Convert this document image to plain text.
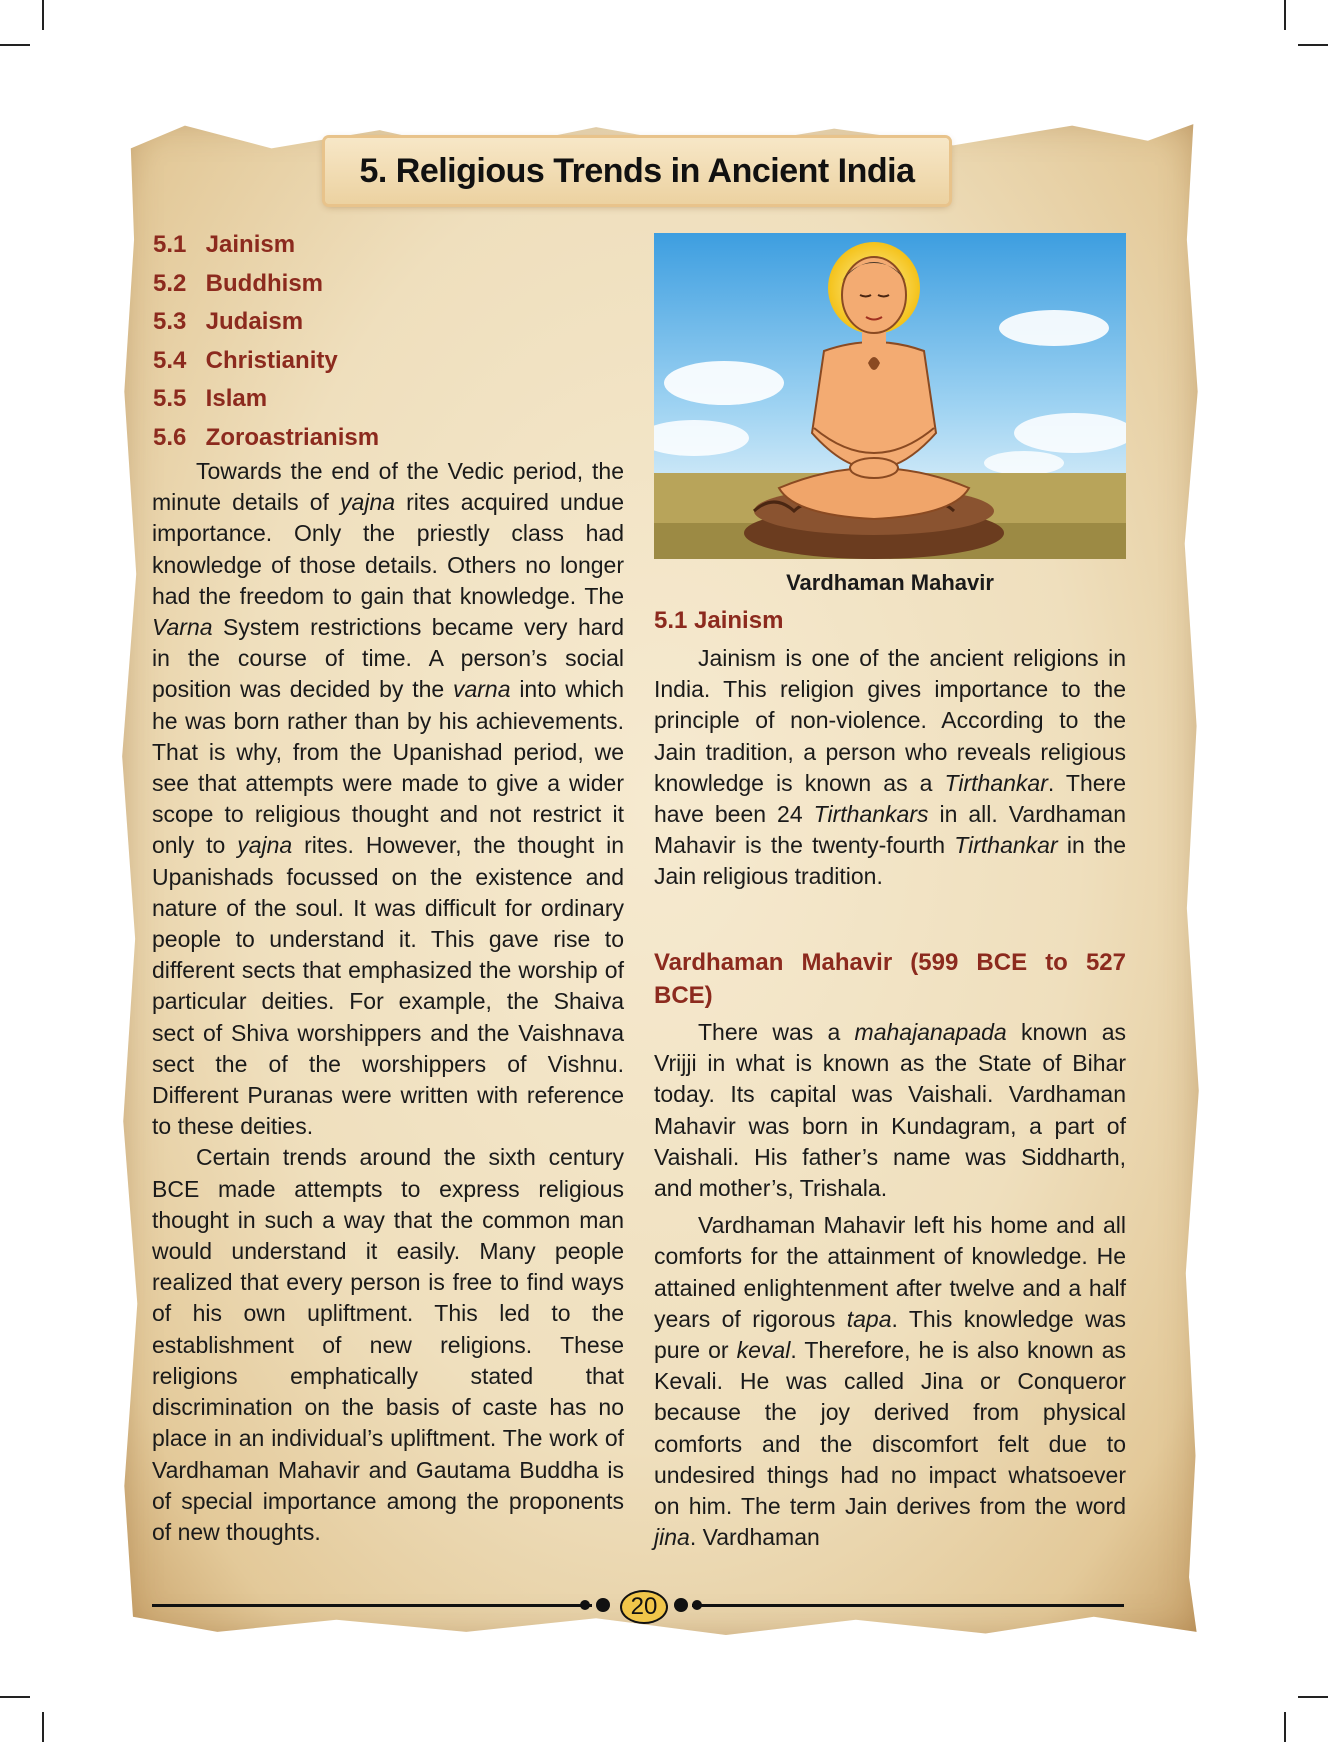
5. Religious Trends in Ancient India
5.1 Jainism
5.2 Buddhism
5.3 Judaism
5.4 Christianity
5.5 Islam
5.6 Zoroastrianism

Towards the end of the Vedic period, the minute details of yajna rites acquired undue importance. Only the priestly class had knowledge of those details. Others no longer had the freedom to gain that knowledge. The Varna System restrictions became very hard in the course of time. A person’s social position was decided by the varna into which he was born rather than by his achievements. That is why, from the Upanishad period, we see that attempts were made to give a wider scope to religious thought and not restrict it only to yajna rites. However, the thought in Upanishads focussed on the existence and nature of the soul. It was difficult for ordinary people to understand it. This gave rise to different sects that emphasized the worship of particular deities. For example, the Shaiva sect of Shiva worshippers and the Vaishnava sect the of the worshippers of Vishnu. Different Puranas were written with reference to these deities.

Certain trends around the sixth century BCE made attempts to express religious thought in such a way that the common man would understand it easily. Many people realized that every person is free to find ways of his own upliftment. This led to the establishment of new religions. These religions emphatically stated that discrimination on the basis of caste has no place in an individual’s upliftment. The work of Vardhaman Mahavir and Gautama Buddha is of special importance among the proponents of new thoughts.

Vardhaman Mahavir
5.1 Jainism

Jainism is one of the ancient religions in India. This religion gives importance to the principle of non-violence. According to the Jain tradition, a person who reveals religious knowledge is known as a Tirthankar. There have been 24 Tirthankars in all. Vardhaman Mahavir is the twenty-fourth Tirthankar in the Jain religious tradition.

Vardhaman Mahavir (599 BCE to 527 BCE)

There was a mahajanapada known as Vrijji in what is known as the State of Bihar today. Its capital was Vaishali. Vardhaman Mahavir was born in Kundagram, a part of Vaishali. His father’s name was Siddharth, and mother’s, Trishala.

Vardhaman Mahavir left his home and all comforts for the attainment of knowledge. He attained enlightenment after twelve and a half years of rigorous tapa. This knowledge was pure or keval. Therefore, he is also known as Kevali. He was called Jina or Conqueror because the joy derived from physical comforts and the discomfort felt due to undesired things had no impact whatsoever on him. The term Jain derives from the word jina. Vardhaman

20
